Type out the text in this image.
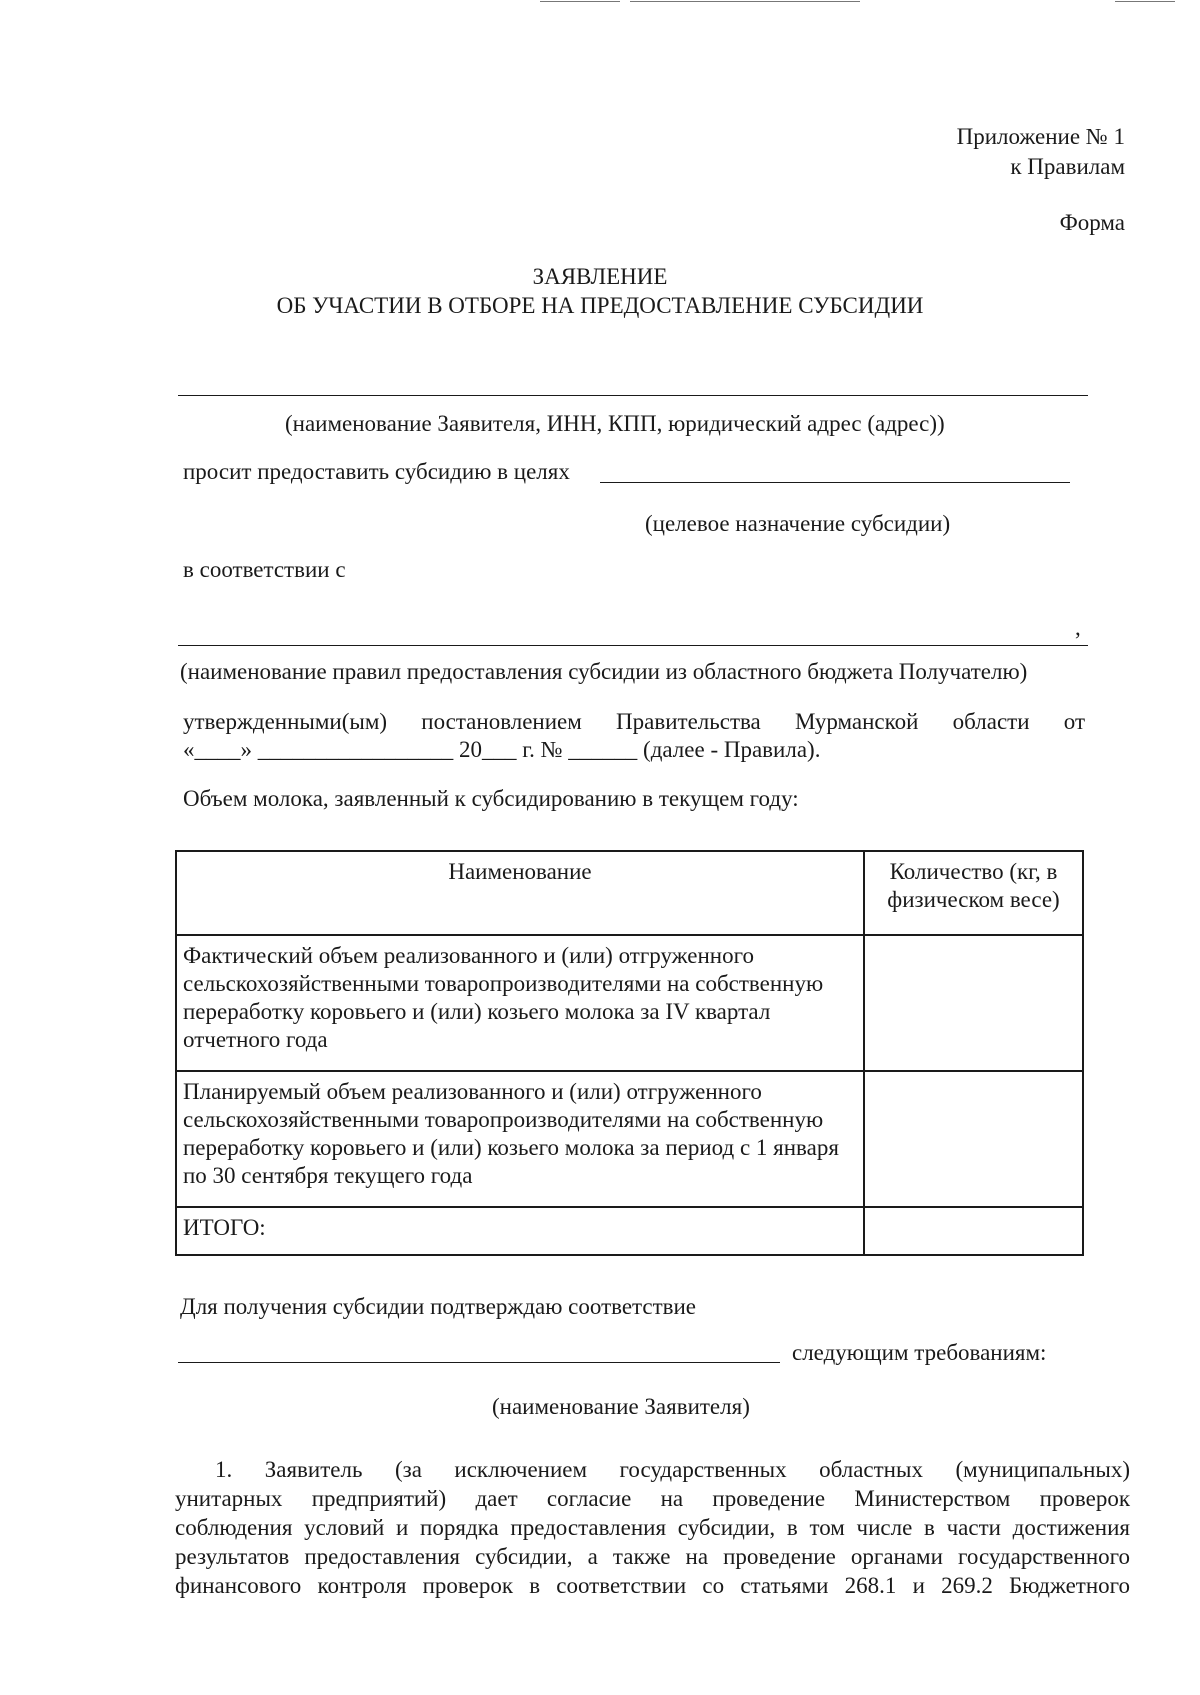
Приложение № 1
к Правилам
Форма
ЗАЯВЛЕНИЕ
ОБ УЧАСТИИ В ОТБОРЕ НА ПРЕДОСТАВЛЕНИЕ СУБСИДИИ
(наименование Заявителя, ИНН, КПП, юридический адрес (адрес))
просит предоставить субсидию в целях
(целевое назначение субсидии)
в соответствии с
,
(наименование правил предоставления субсидии из областного бюджета Получателю)
утвержденными(ым) постановлением Правительства Мурманской области от
«____» _________________ 20___ г. № ______ (далее - Правила).
Объем молока, заявленный к субсидированию в текущем году:
Наименование	Количество (кг, в физическом весе)
Фактический объем реализованного и (или) отгруженного сельскохозяйственными товаропроизводителями на собственную переработку коровьего и (или) козьего молока за IV квартал отчетного года	
Планируемый объем реализованного и (или) отгруженного сельскохозяйственными товаропроизводителями на собственную переработку коровьего и (или) козьего молока за период с 1 января по 30 сентября текущего года	
ИТОГО:	
Для получения субсидии подтверждаю соответствие
следующим требованиям:
(наименование Заявителя)
1. Заявитель (за исключением государственных областных (муниципальных)
унитарных предприятий) дает согласие на проведение Министерством проверок
соблюдения условий и порядка предоставления субсидии, в том числе в части достижения
результатов предоставления субсидии, а также на проведение органами государственного
финансового контроля проверок в соответствии со статьями 268.1 и 269.2 Бюджетного
